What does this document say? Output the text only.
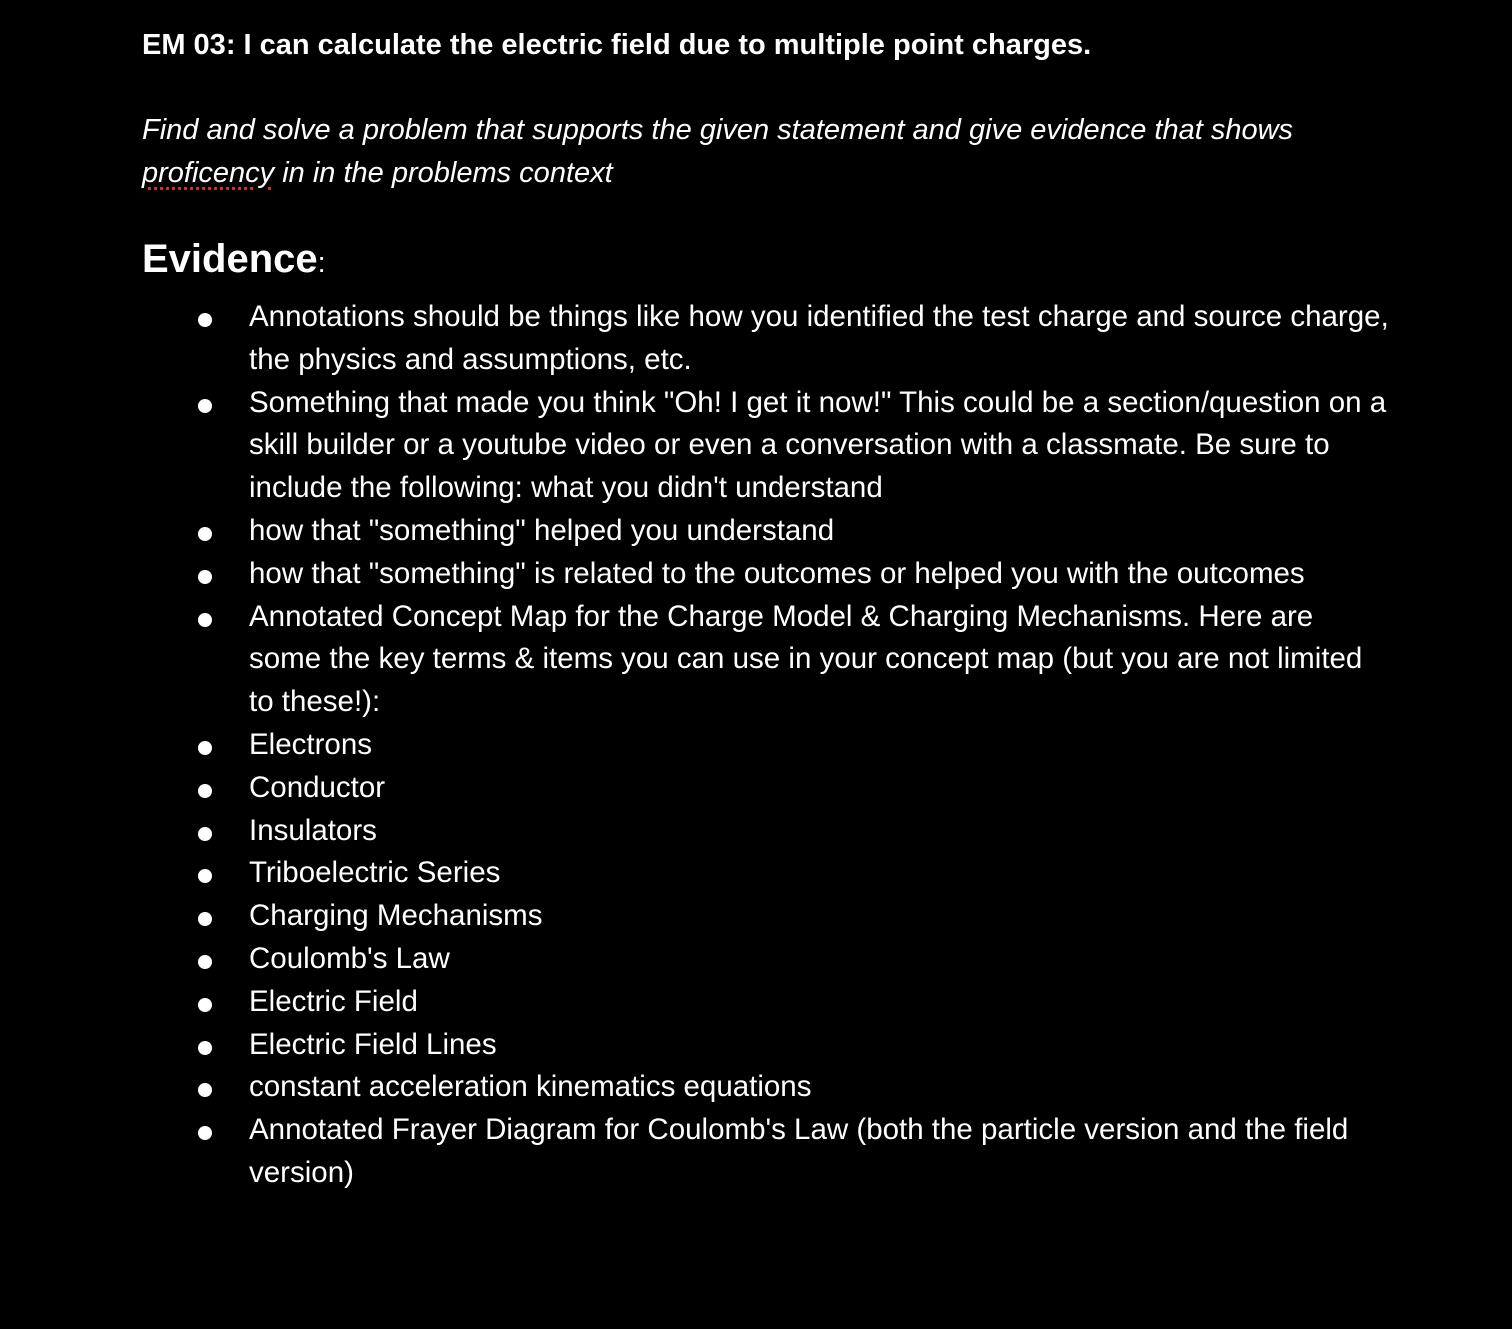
EM 03: I can calculate the electric field due to multiple point charges.

Find and solve a problem that supports the given statement and give evidence that shows proficency in in the problems context

Evidence:

Annotations should be things like how you identified the test charge and source charge, the physics and assumptions, etc.
Something that made you think "Oh! I get it now!" This could be a section/question on a skill builder or a youtube video or even a conversation with a classmate. Be sure to include the following: what you didn't understand
how that "something" helped you understand
how that "something" is related to the outcomes or helped you with the outcomes
Annotated Concept Map for the Charge Model & Charging Mechanisms. Here are some the key terms & items you can use in your concept map (but you are not limited to these!):
Electrons
Conductor
Insulators
Triboelectric Series
Charging Mechanisms
Coulomb's Law
Electric Field
Electric Field Lines
constant acceleration kinematics equations
Annotated Frayer Diagram for Coulomb's Law (both the particle version and the field version)
